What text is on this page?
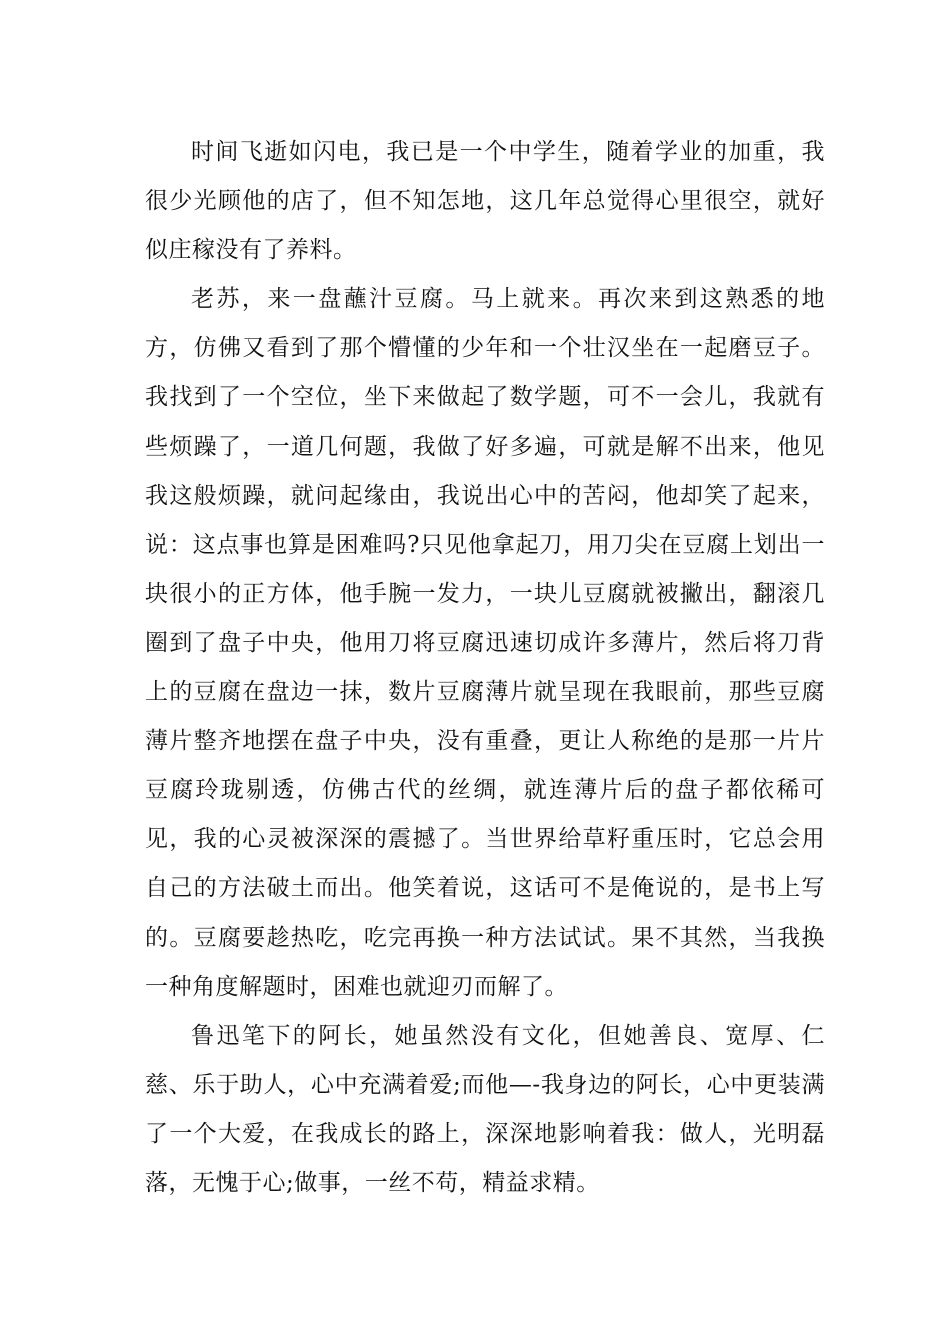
时间飞逝如闪电，我已是一个中学生，随着学业的加重，我很少光顾他的店了，但不知怎地，这几年总觉得心里很空，就好似庄稼没有了养料。

老苏，来一盘蘸汁豆腐。马上就来。再次来到这熟悉的地方，仿佛又看到了那个懵懂的少年和一个壮汉坐在一起磨豆子。我找到了一个空位，坐下来做起了数学题，可不一会儿，我就有些烦躁了，一道几何题，我做了好多遍，可就是解不出来，他见我这般烦躁，就问起缘由，我说出心中的苦闷，他却笑了起来，说：这点事也算是困难吗?只见他拿起刀，用刀尖在豆腐上划出一块很小的正方体，他手腕一发力，一块儿豆腐就被撇出，翻滚几圈到了盘子中央，他用刀将豆腐迅速切成许多薄片，然后将刀背上的豆腐在盘边一抹，数片豆腐薄片就呈现在我眼前，那些豆腐薄片整齐地摆在盘子中央，没有重叠，更让人称绝的是那一片片豆腐玲珑剔透，仿佛古代的丝绸，就连薄片后的盘子都依稀可见，我的心灵被深深的震撼了。当世界给草籽重压时，它总会用自己的方法破土而出。他笑着说，这话可不是俺说的，是书上写的。豆腐要趁热吃，吃完再换一种方法试试。果不其然，当我换一种角度解题时，困难也就迎刃而解了。

鲁迅笔下的阿长，她虽然没有文化，但她善良、宽厚、仁慈、乐于助人，心中充满着爱;而他—-我身边的阿长，心中更装满了一个大爱，在我成长的路上，深深地影响着我：做人，光明磊落，无愧于心;做事，一丝不苟，精益求精。
